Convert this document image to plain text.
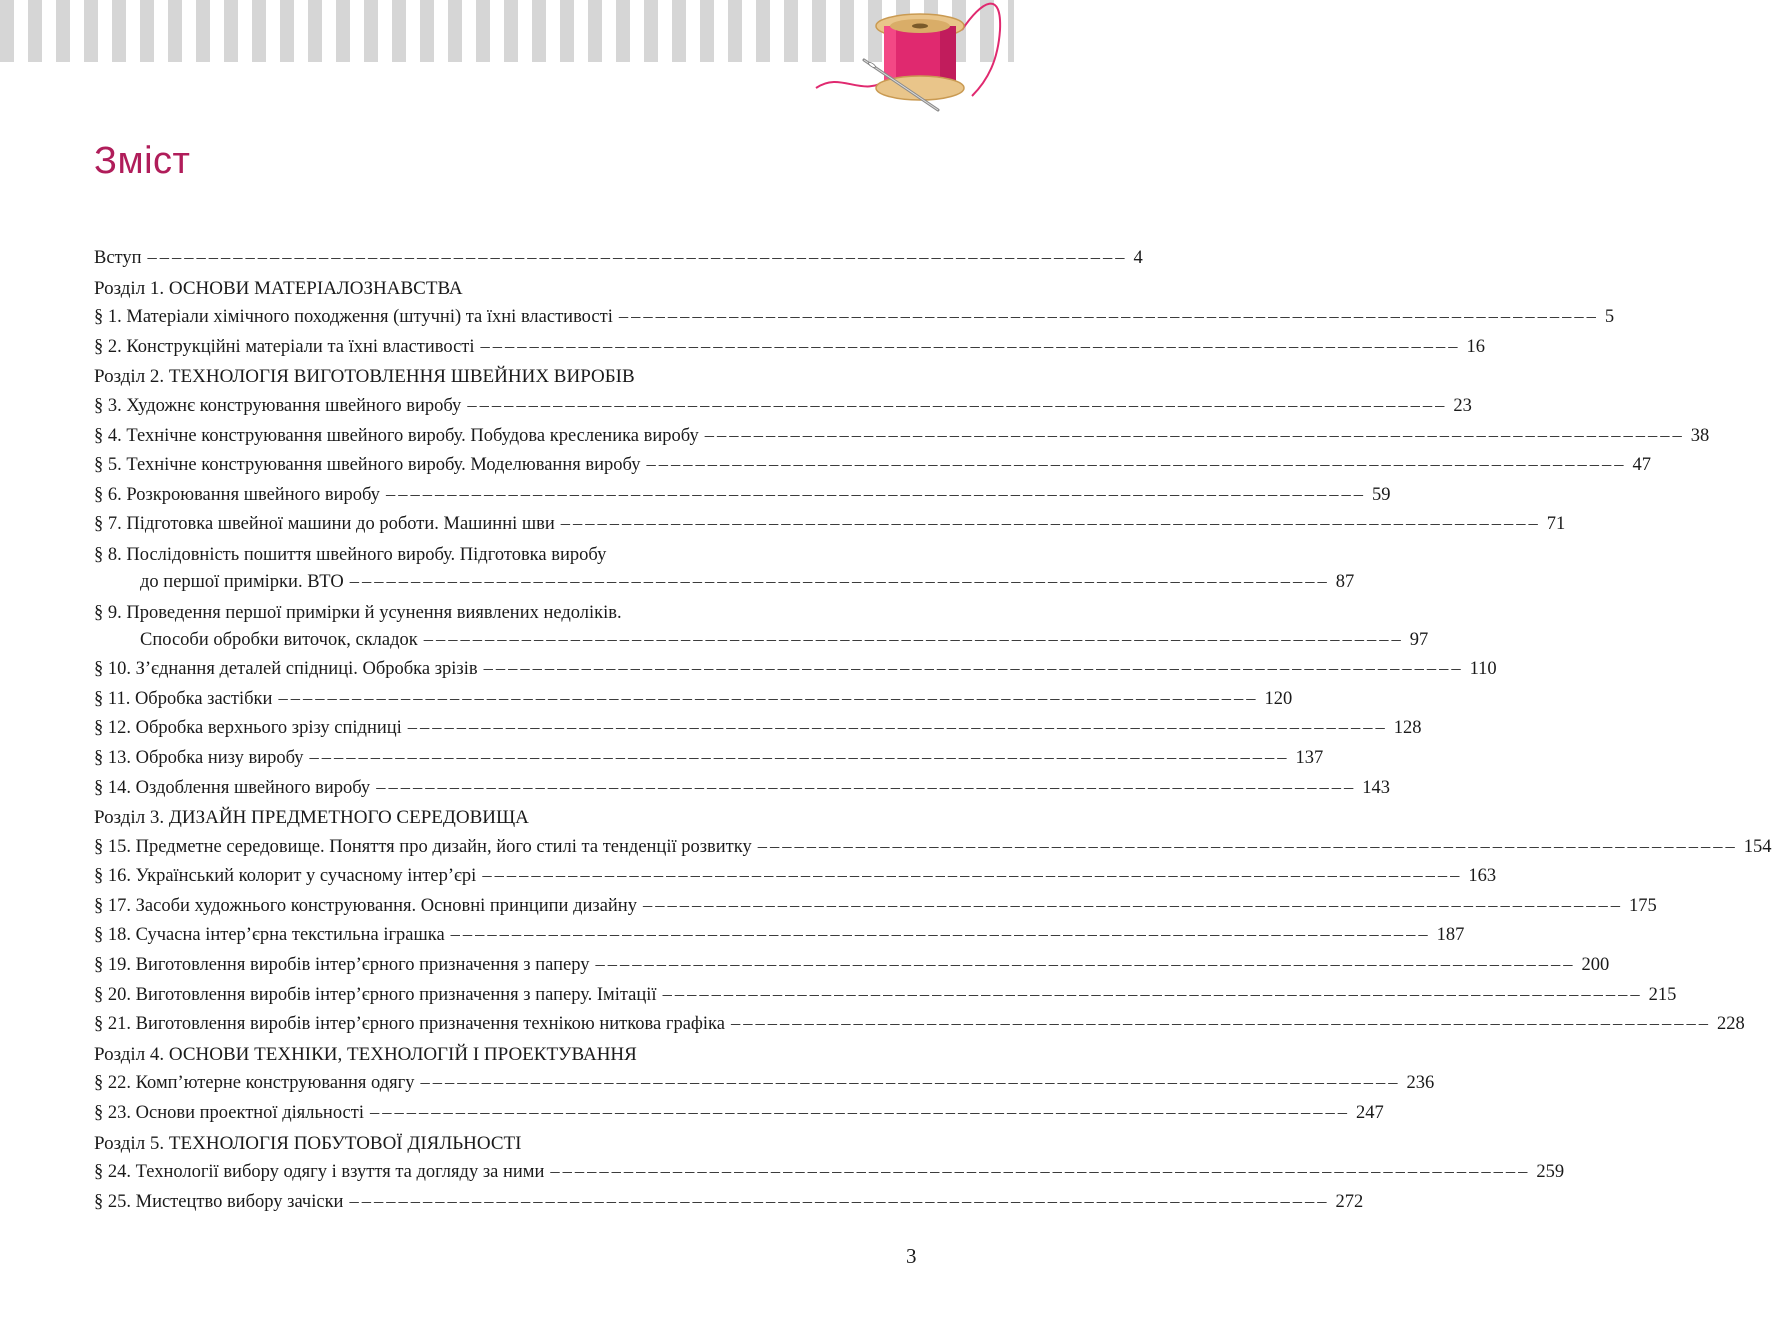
Зміст
Вступ –––––––––––––––––––––––––––––––––––––––––––––––––––––––––––––––––––––––––––––––– 4
Розділ 1. ОСНОВИ МАТЕРІАЛОЗНАВСТВА
§ 1. Матеріали хімічного походження (штучні) та їхні властивості –––––––––––––––––––––––––––––––––––––––––––––––––––––––––––––––––––––––––––––––– 5
§ 2. Конструкційні матеріали та їхні властивості –––––––––––––––––––––––––––––––––––––––––––––––––––––––––––––––––––––––––––––––– 16
Розділ 2. ТЕХНОЛОГІЯ ВИГОТОВЛЕННЯ ШВЕЙНИХ ВИРОБІВ
§ 3. Художнє конструювання швейного виробу –––––––––––––––––––––––––––––––––––––––––––––––––––––––––––––––––––––––––––––––– 23
§ 4. Технічне конструювання швейного виробу. Побудова кресленика виробу –––––––––––––––––––––––––––––––––––––––––––––––––––––––––––––––––––––––––––––––– 38
§ 5. Технічне конструювання швейного виробу. Моделювання виробу –––––––––––––––––––––––––––––––––––––––––––––––––––––––––––––––––––––––––––––––– 47
§ 6. Розкроювання швейного виробу –––––––––––––––––––––––––––––––––––––––––––––––––––––––––––––––––––––––––––––––– 59
§ 7. Підготовка швейної машини до роботи. Машинні шви –––––––––––––––––––––––––––––––––––––––––––––––––––––––––––––––––––––––––––––––– 71
§ 8. Послідовність пошиття швейного виробу. Підготовка виробу
до першої примірки. ВТО –––––––––––––––––––––––––––––––––––––––––––––––––––––––––––––––––––––––––––––––– 87
§ 9. Проведення першої примірки й усунення виявлених недоліків.
Способи обробки виточок, складок –––––––––––––––––––––––––––––––––––––––––––––––––––––––––––––––––––––––––––––––– 97
§ 10. З’єднання деталей спідниці. Обробка зрізів –––––––––––––––––––––––––––––––––––––––––––––––––––––––––––––––––––––––––––––––– 110
§ 11. Обробка застібки –––––––––––––––––––––––––––––––––––––––––––––––––––––––––––––––––––––––––––––––– 120
§ 12. Обробка верхнього зрізу спідниці –––––––––––––––––––––––––––––––––––––––––––––––––––––––––––––––––––––––––––––––– 128
§ 13. Обробка низу виробу –––––––––––––––––––––––––––––––––––––––––––––––––––––––––––––––––––––––––––––––– 137
§ 14. Оздоблення швейного виробу –––––––––––––––––––––––––––––––––––––––––––––––––––––––––––––––––––––––––––––––– 143
Розділ 3. ДИЗАЙН ПРЕДМЕТНОГО СЕРЕДОВИЩА
§ 15. Предметне середовище. Поняття про дизайн, його стилі та тенденції розвитку –––––––––––––––––––––––––––––––––––––––––––––––––––––––––––––––––––––––––––––––– 154
§ 16. Український колорит у сучасному інтер’єрі –––––––––––––––––––––––––––––––––––––––––––––––––––––––––––––––––––––––––––––––– 163
§ 17. Засоби художнього конструювання. Основні принципи дизайну –––––––––––––––––––––––––––––––––––––––––––––––––––––––––––––––––––––––––––––––– 175
§ 18. Сучасна інтер’єрна текстильна іграшка –––––––––––––––––––––––––––––––––––––––––––––––––––––––––––––––––––––––––––––––– 187
§ 19. Виготовлення виробів інтер’єрного призначення з паперу –––––––––––––––––––––––––––––––––––––––––––––––––––––––––––––––––––––––––––––––– 200
§ 20. Виготовлення виробів інтер’єрного призначення з паперу. Імітації –––––––––––––––––––––––––––––––––––––––––––––––––––––––––––––––––––––––––––––––– 215
§ 21. Виготовлення виробів інтер’єрного призначення технікою ниткова графіка –––––––––––––––––––––––––––––––––––––––––––––––––––––––––––––––––––––––––––––––– 228
Розділ 4. ОСНОВИ ТЕХНІКИ, ТЕХНОЛОГІЙ І ПРОЕКТУВАННЯ
§ 22. Комп’ютерне конструювання одягу –––––––––––––––––––––––––––––––––––––––––––––––––––––––––––––––––––––––––––––––– 236
§ 23. Основи проектної діяльності –––––––––––––––––––––––––––––––––––––––––––––––––––––––––––––––––––––––––––––––– 247
Розділ 5. ТЕХНОЛОГІЯ ПОБУТОВОЇ ДІЯЛЬНОСТІ
§ 24. Технології вибору одягу і взуття та догляду за ними –––––––––––––––––––––––––––––––––––––––––––––––––––––––––––––––––––––––––––––––– 259
§ 25. Мистецтво вибору зачіски –––––––––––––––––––––––––––––––––––––––––––––––––––––––––––––––––––––––––––––––– 272
3
